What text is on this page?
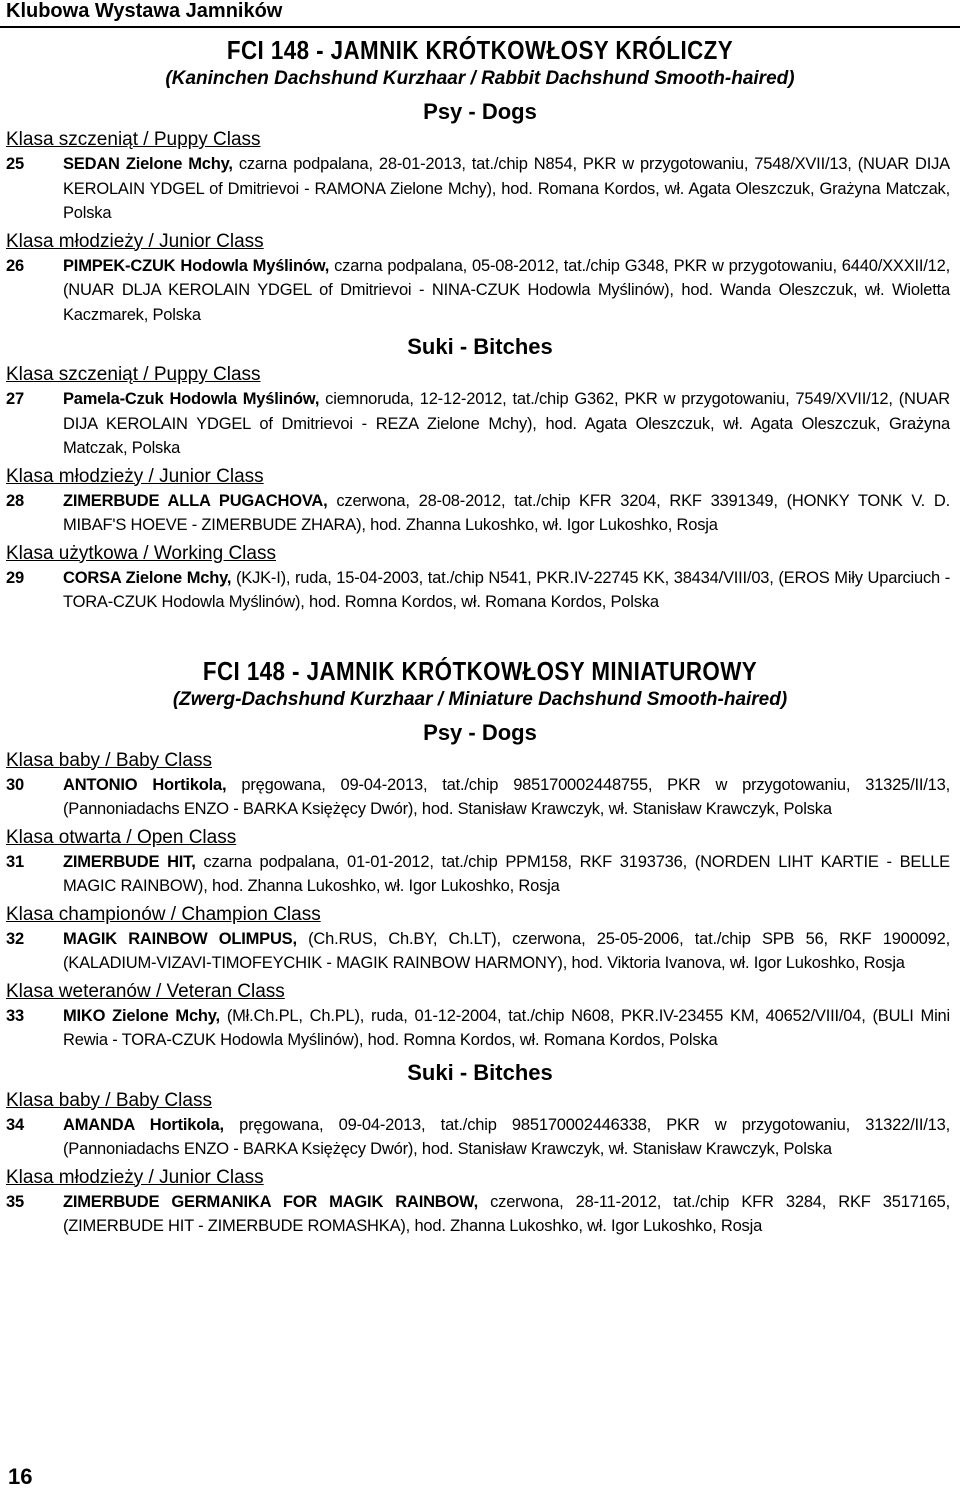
Klubowa Wystawa Jamników
FCI 148 - JAMNIK KRÓTKOWŁOSY KRÓLICZY
(Kaninchen Dachshund Kurzhaar / Rabbit Dachshund Smooth-haired)
Psy - Dogs
Klasa szczeniąt / Puppy Class
25	SEDAN Zielone Mchy, czarna podpalana, 28-01-2013, tat./chip N854, PKR w przygotowaniu, 7548/XVII/13, (NUAR DIJA KEROLAIN YDGEL of Dmitrievoi - RAMONA Zielone Mchy), hod. Romana Kordos, wł. Agata Oleszczuk, Grażyna Matczak, Polska
Klasa młodzieży / Junior Class
26	PIMPEK-CZUK Hodowla Myślinów, czarna podpalana, 05-08-2012, tat./chip G348, PKR w przygotowaniu, 6440/XXXII/12, (NUAR DLJA KEROLAIN YDGEL of Dmitrievoi - NINA-CZUK Hodowla Myślinów), hod. Wanda Oleszczuk, wł. Wioletta Kaczmarek, Polska
Suki - Bitches
Klasa szczeniąt / Puppy Class
27	Pamela-Czuk Hodowla Myślinów, ciemnoruda, 12-12-2012, tat./chip G362, PKR w przygotowaniu, 7549/XVII/12, (NUAR DIJA KEROLAIN YDGEL of Dmitrievoi - REZA Zielone Mchy), hod. Agata Oleszczuk, wł. Agata Oleszczuk, Grażyna Matczak, Polska
Klasa młodzieży / Junior Class
28	ZIMERBUDE ALLA PUGACHOVA, czerwona, 28-08-2012, tat./chip KFR 3204, RKF 3391349, (HONKY TONK V. D. MIBAF'S HOEVE - ZIMERBUDE ZHARA), hod. Zhanna Lukoshko, wł. Igor Lukoshko, Rosja
Klasa użytkowa / Working Class
29	CORSA Zielone Mchy, (KJK-I), ruda, 15-04-2003, tat./chip N541, PKR.IV-22745 KK, 38434/VIII/03, (EROS Miły Uparciuch - TORA-CZUK Hodowla Myślinów), hod. Romna Kordos, wł. Romana Kordos, Polska
FCI 148 - JAMNIK KRÓTKOWŁOSY MINIATUROWY
(Zwerg-Dachshund Kurzhaar / Miniature Dachshund Smooth-haired)
Psy - Dogs
Klasa baby / Baby Class
30	ANTONIO Hortikola, pręgowana, 09-04-2013, tat./chip 985170002448755, PKR w przygotowaniu, 31325/II/13, (Pannoniadachs ENZO - BARKA Księżęcy Dwór), hod. Stanisław Krawczyk, wł. Stanisław Krawczyk, Polska
Klasa otwarta / Open Class
31	ZIMERBUDE HIT, czarna podpalana, 01-01-2012, tat./chip PPM158, RKF 3193736, (NORDEN LIHT KARTIE - BELLE MAGIC RAINBOW), hod. Zhanna Lukoshko, wł. Igor Lukoshko, Rosja
Klasa championów / Champion Class
32	MAGIK RAINBOW OLIMPUS, (Ch.RUS, Ch.BY, Ch.LT), czerwona, 25-05-2006, tat./chip SPB 56, RKF 1900092, (KALADIUM-VIZAVI-TIMOFEYCHIK - MAGIK RAINBOW HARMONY), hod. Viktoria Ivanova, wł. Igor Lukoshko, Rosja
Klasa weteranów / Veteran Class
33	MIKO Zielone Mchy, (Mł.Ch.PL, Ch.PL), ruda, 01-12-2004, tat./chip N608, PKR.IV-23455 KM, 40652/VIII/04, (BULI Mini Rewia - TORA-CZUK Hodowla Myślinów), hod. Romna Kordos, wł. Romana Kordos, Polska
Suki - Bitches
Klasa baby / Baby Class
34	AMANDA Hortikola, pręgowana, 09-04-2013, tat./chip 985170002446338, PKR w przygotowaniu, 31322/II/13, (Pannoniadachs ENZO - BARKA Księżęcy Dwór), hod. Stanisław Krawczyk, wł. Stanisław Krawczyk, Polska
Klasa młodzieży / Junior Class
35	ZIMERBUDE GERMANIKA FOR MAGIK RAINBOW, czerwona, 28-11-2012, tat./chip KFR 3284, RKF 3517165, (ZIMERBUDE HIT - ZIMERBUDE ROMASHKA), hod. Zhanna Lukoshko, wł. Igor Lukoshko, Rosja
16
